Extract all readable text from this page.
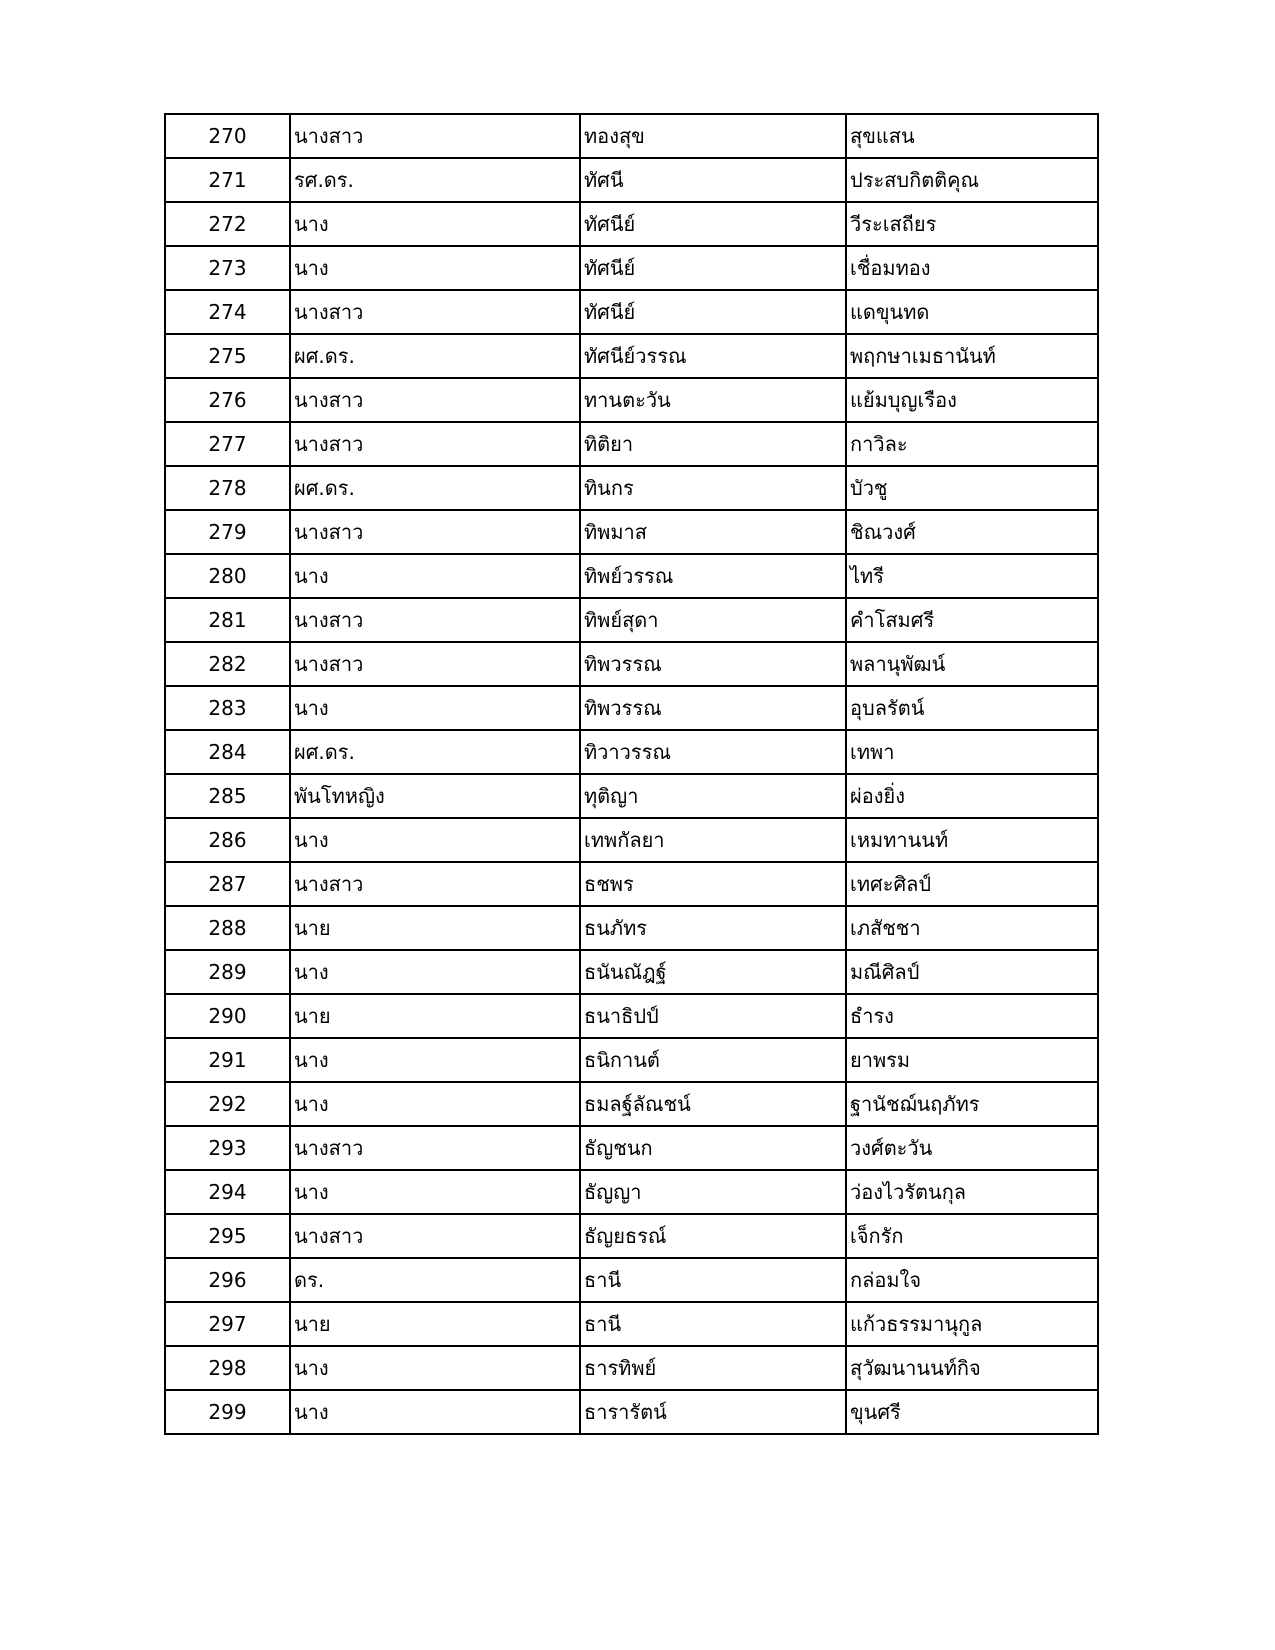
270	นางสาว	ทองสุข	สุขแสน
271	รศ.ดร.	ทัศนี	ประสบกิตติคุณ
272	นาง	ทัศนีย์	วีระเสถียร
273	นาง	ทัศนีย์	เชื่อมทอง
274	นางสาว	ทัศนีย์	แดขุนทด
275	ผศ.ดร.	ทัศนีย์วรรณ	พฤกษาเมธานันท์
276	นางสาว	ทานตะวัน	แย้มบุญเรือง
277	นางสาว	ทิติยา	กาวิละ
278	ผศ.ดร.	ทินกร	บัวชู
279	นางสาว	ทิพมาส	ชิณวงศ์
280	นาง	ทิพย์วรรณ	ไทรี
281	นางสาว	ทิพย์สุดา	คำโสมศรี
282	นางสาว	ทิพวรรณ	พลานุพัฒน์
283	นาง	ทิพวรรณ	อุบลรัตน์
284	ผศ.ดร.	ทิวาวรรณ	เทพา
285	พันโทหญิง	ทุติญา	ผ่องยิ่ง
286	นาง	เทพกัลยา	เหมทานนท์
287	นางสาว	ธชพร	เทศะศิลป์
288	นาย	ธนภัทร	เภสัชชา
289	นาง	ธนันณัฎฐ์	มณีศิลป์
290	นาย	ธนาธิปป์	ธำรง
291	นาง	ธนิกานต์	ยาพรม
292	นาง	ธมลฐ์ลัณชน์	ฐานัชฌ์นฤภัทร
293	นางสาว	ธัญชนก	วงศ์ตะวัน
294	นาง	ธัญญา	ว่องไวรัตนกุล
295	นางสาว	ธัญยธรณ์	เจ็กรัก
296	ดร.	ธานี	กล่อมใจ
297	นาย	ธานี	แก้วธรรมานุกูล
298	นาง	ธารทิพย์	สุวัฒนานนท์กิจ
299	นาง	ธารารัตน์	ขุนศรี
